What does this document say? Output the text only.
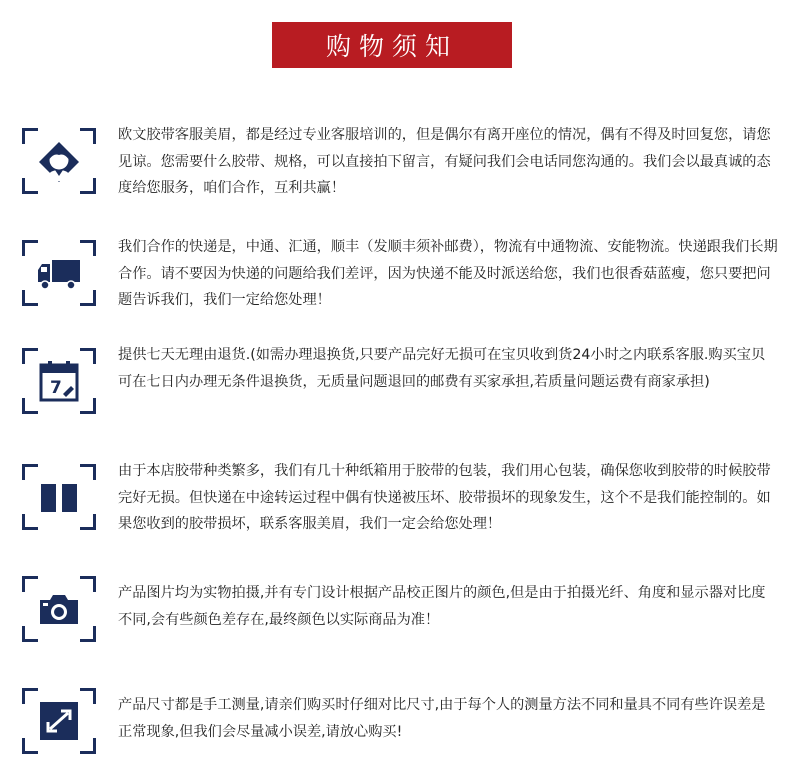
购物须知
欧文胶带客服美眉，都是经过专业客服培训的，但是偶尔有离开座位的情况，偶有不得及时回复您，请您见谅。您需要什么胶带、规格，可以直接拍下留言，有疑问我们会电话同您沟通的。我们会以最真诚的态度给您服务，咱们合作，互利共赢！
我们合作的快递是，中通、汇通，顺丰（发顺丰须补邮费），物流有中通物流、安能物流。快递跟我们长期合作。请不要因为快递的问题给我们差评，因为快递不能及时派送给您，我们也很香菇蓝瘦，您只要把问题告诉我们，我们一定给您处理！
7
提供七天无理由退货.(如需办理退换货,只要产品完好无损可在宝贝收到货24小时之内联系客服.购买宝贝可在七日内办理无条件退换货，无质量问题退回的邮费有买家承担,若质量问题运费有商家承担)
由于本店胶带种类繁多，我们有几十种纸箱用于胶带的包装，我们用心包装，确保您收到胶带的时候胶带完好无损。但快递在中途转运过程中偶有快递被压坏、胶带损坏的现象发生，这个不是我们能控制的。如果您收到的胶带损坏，联系客服美眉，我们一定会给您处理！
产品图片均为实物拍摄,并有专门设计根据产品校正图片的颜色,但是由于拍摄光纤、角度和显示器对比度不同,会有些颜色差存在,最终颜色以实际商品为准！
产品尺寸都是手工测量,请亲们购买时仔细对比尺寸,由于每个人的测量方法不同和量具不同有些许误差是正常现象,但我们会尽量减小误差,请放心购买!
